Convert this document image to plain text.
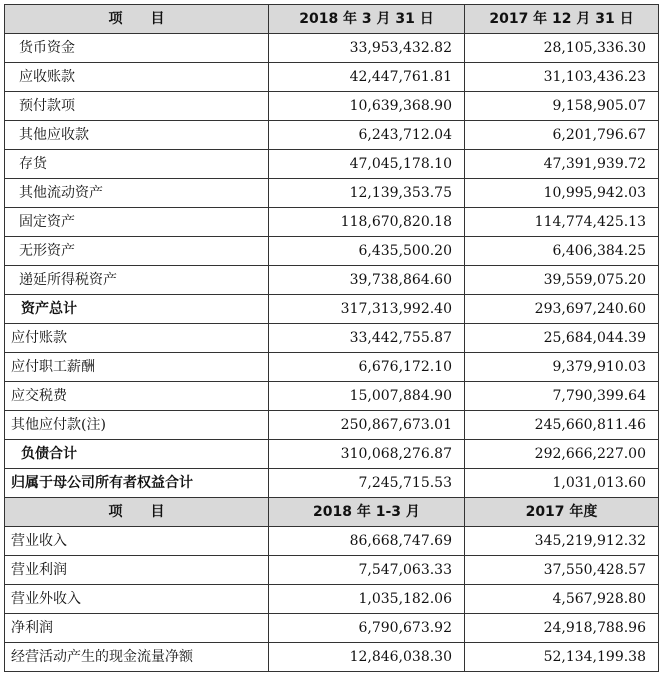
项　　目	2018 年 3 月 31 日	2017 年 12 月 31 日
货币资金	33,953,432.82	28,105,336.30
应收账款	42,447,761.81	31,103,436.23
预付款项	10,639,368.90	9,158,905.07
其他应收款	6,243,712.04	6,201,796.67
存货	47,045,178.10	47,391,939.72
其他流动资产	12,139,353.75	10,995,942.03
固定资产	118,670,820.18	114,774,425.13
无形资产	6,435,500.20	6,406,384.25
递延所得税资产	39,738,864.60	39,559,075.20
资产总计	317,313,992.40	293,697,240.60
应付账款	33,442,755.87	25,684,044.39
应付职工薪酬	6,676,172.10	9,379,910.03
应交税费	15,007,884.90	7,790,399.64
其他应付款(注)	250,867,673.01	245,660,811.46
负债合计	310,068,276.87	292,666,227.00
归属于母公司所有者权益合计	7,245,715.53	1,031,013.60
项　　目	2018 年 1-3 月	2017 年度
营业收入	86,668,747.69	345,219,912.32
营业利润	7,547,063.33	37,550,428.57
营业外收入	1,035,182.06	4,567,928.80
净利润	6,790,673.92	24,918,788.96
经营活动产生的现金流量净额	12,846,038.30	52,134,199.38
